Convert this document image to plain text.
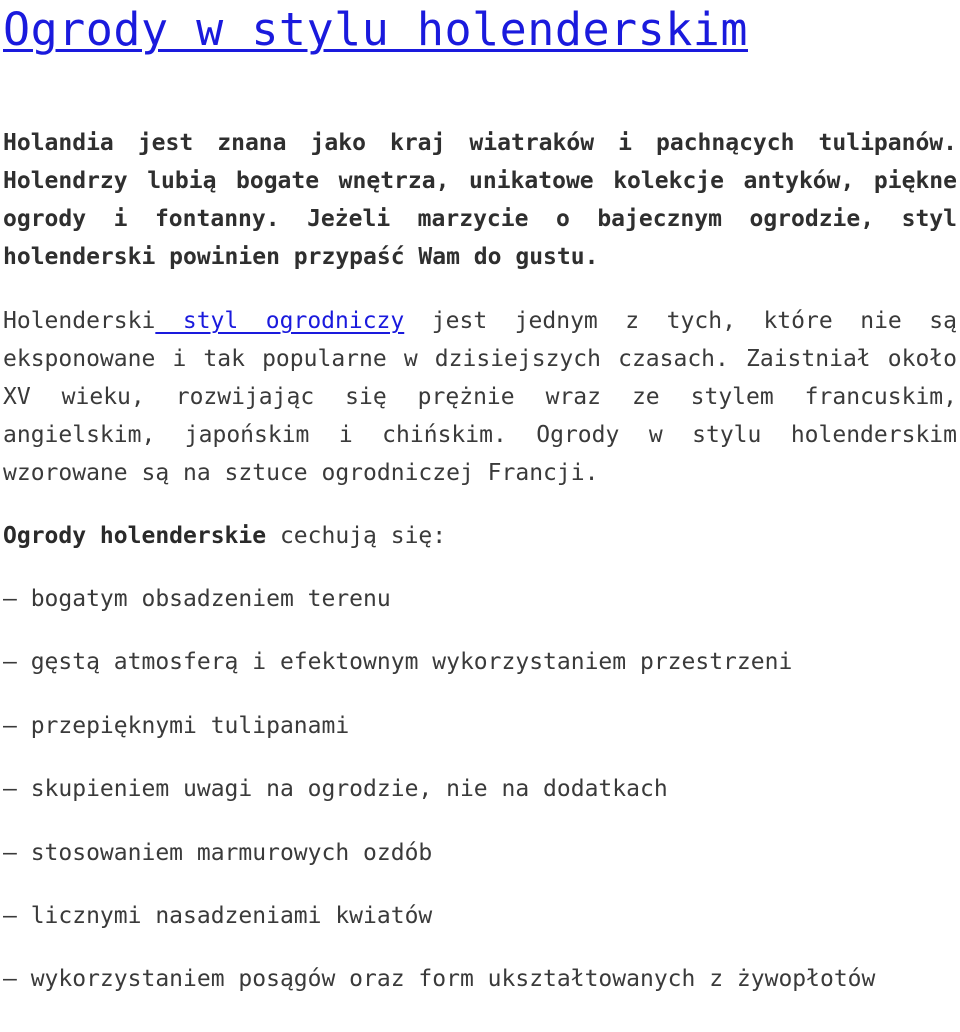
Ogrody w stylu holenderskim

Holandia jest znana jako kraj wiatraków i pachnących tulipanów. Holendrzy lubią bogate wnętrza, unikatowe kolekcje antyków, piękne ogrody i fontanny. Jeżeli marzycie o bajecznym ogrodzie, styl holenderski powinien przypaść Wam do gustu.

Holenderski styl ogrodniczy jest jednym z tych, które nie są eksponowane i tak popularne w dzisiejszych czasach. Zaistniał około XV wieku, rozwijając się prężnie wraz ze stylem francuskim, angielskim, japońskim i chińskim. Ogrody w stylu holenderskim wzorowane są na sztuce ogrodniczej Francji.

Ogrody holenderskie cechują się:

– bogatym obsadzeniem terenu

– gęstą atmosferą i efektownym wykorzystaniem przestrzeni

– przepięknymi tulipanami

– skupieniem uwagi na ogrodzie, nie na dodatkach

– stosowaniem marmurowych ozdób

– licznymi nasadzeniami kwiatów

– wykorzystaniem posągów oraz form ukształtowanych z żywopłotów
